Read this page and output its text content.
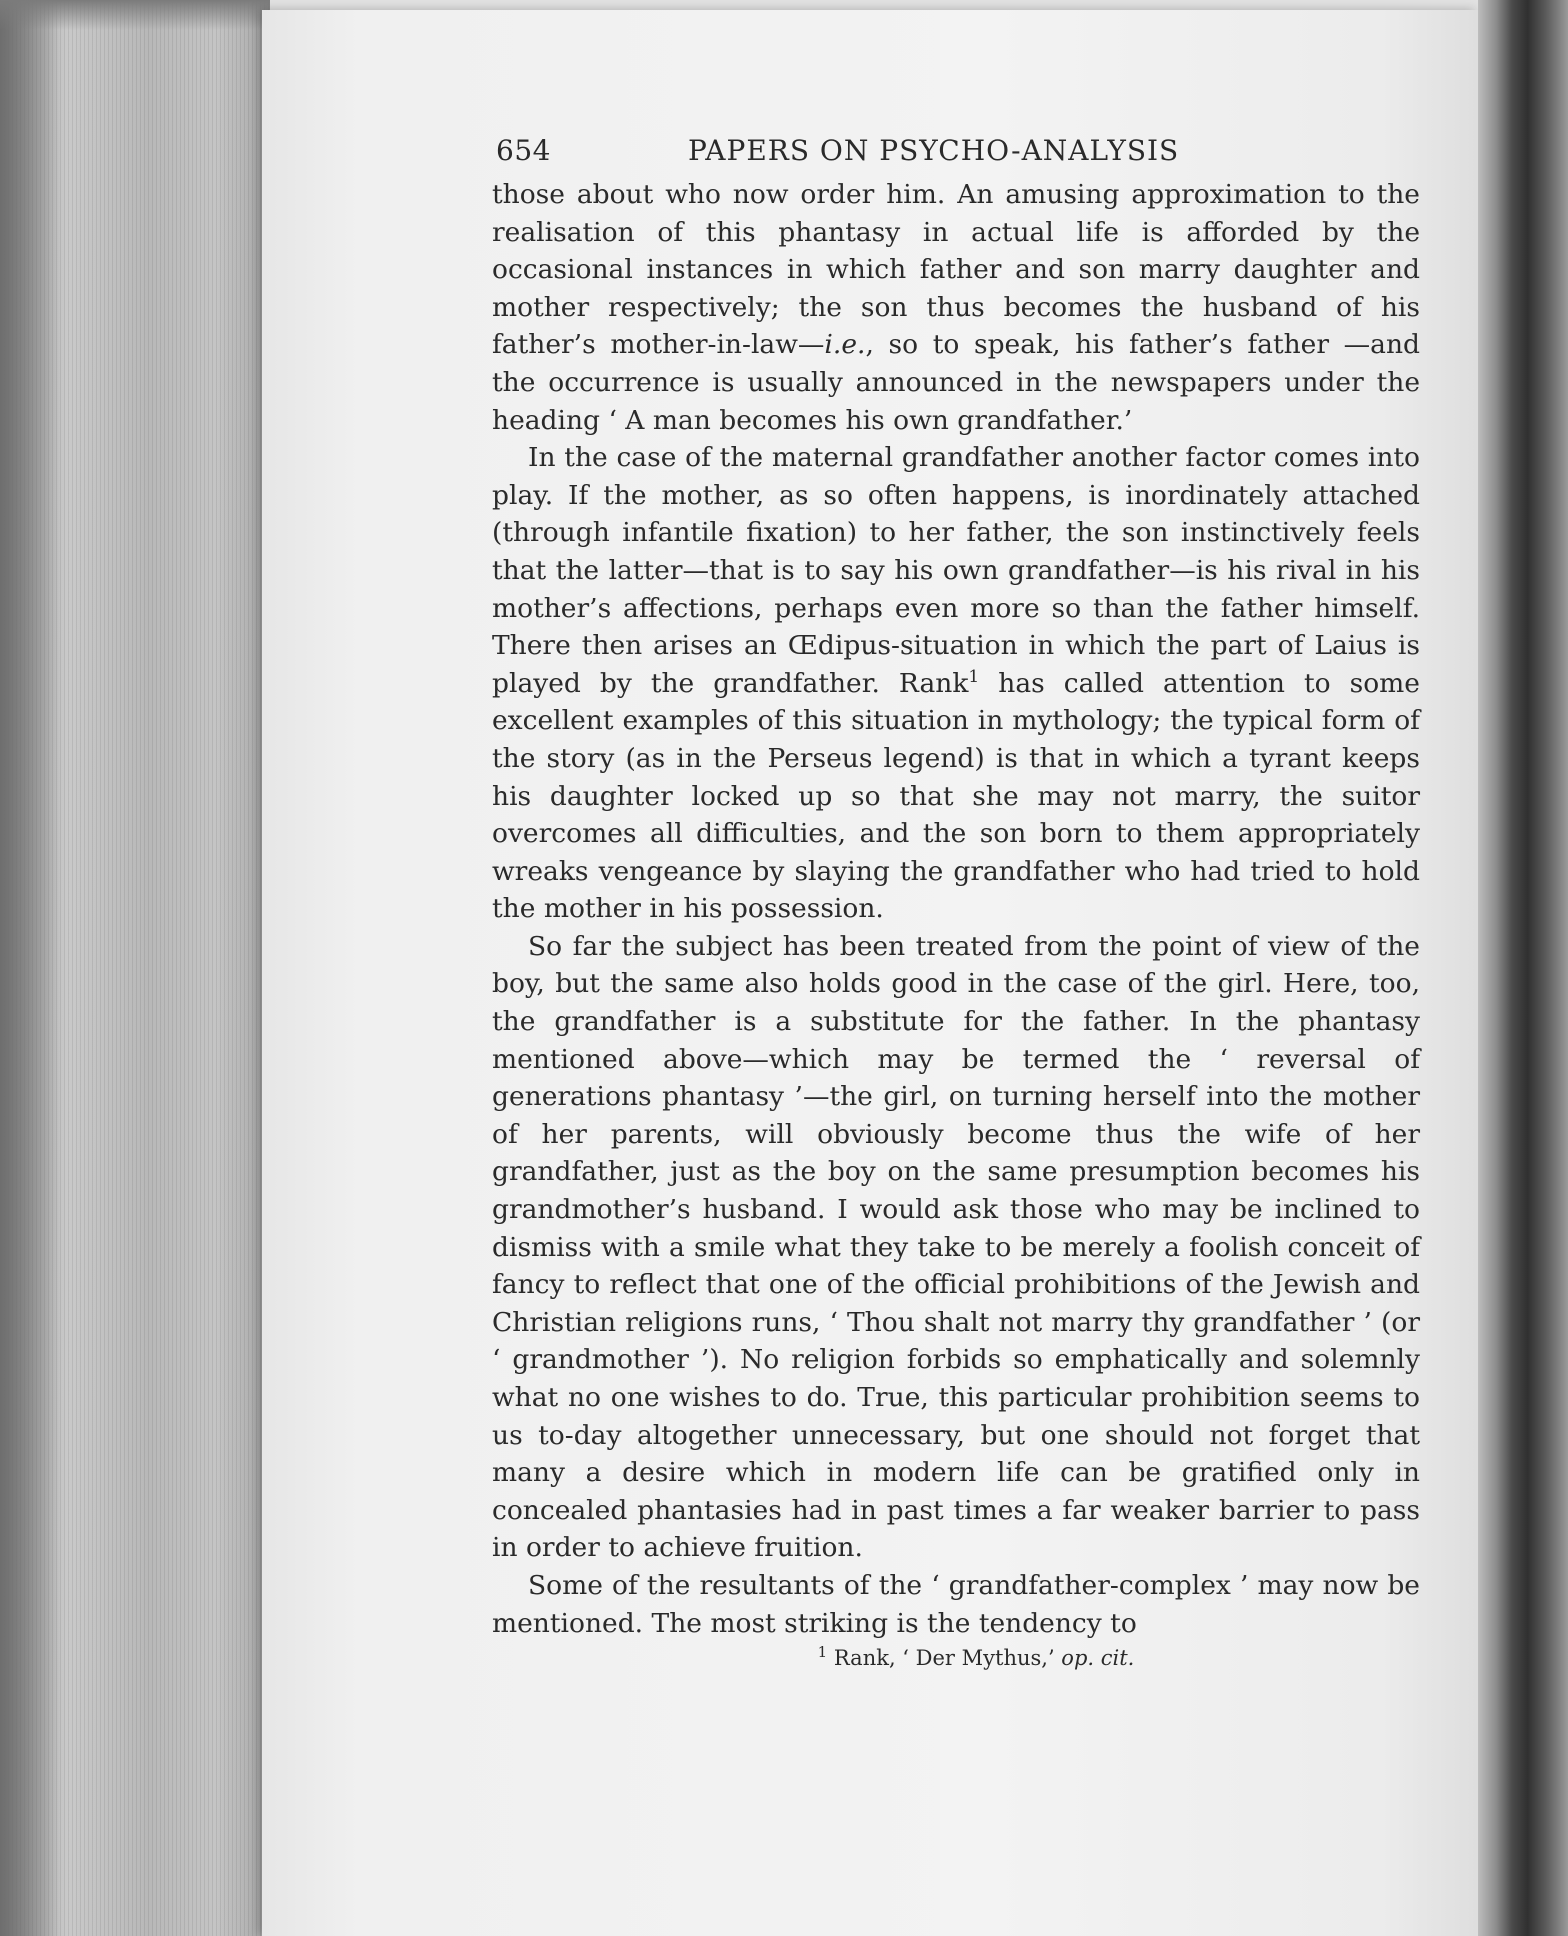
654	PAPERS ON PSYCHO-ANALYSIS

those about who now order him. An amusing approximation to the realisation of this phantasy in actual life is afforded by the occasional instances in which father and son marry daughter and mother respectively; the son thus becomes the husband of his father’s mother-in-law—i.e., so to speak, his father’s father —and the occurrence is usually announced in the newspapers under the heading ‘ A man becomes his own grandfather.’

In the case of the maternal grandfather another factor comes into play. If the mother, as so often happens, is inordinately attached (through infantile fixation) to her father, the son instinctively feels that the latter—that is to say his own grandfather—is his rival in his mother’s affections, perhaps even more so than the father himself. There then arises an Œdipus-situation in which the part of Laius is played by the grandfather. Rank$^1$ has called attention to some excellent examples of this situation in mythology; the typical form of the story (as in the Perseus legend) is that in which a tyrant keeps his daughter locked up so that she may not marry, the suitor overcomes all difficulties, and the son born to them appropriately wreaks vengeance by slaying the grandfather who had tried to hold the mother in his possession.

So far the subject has been treated from the point of view of the boy, but the same also holds good in the case of the girl. Here, too, the grandfather is a substitute for the father. In the phantasy mentioned above—which may be termed the ‘ reversal of generations phantasy ’—the girl, on turning herself into the mother of her parents, will obviously become thus the wife of her grandfather, just as the boy on the same presumption becomes his grandmother’s husband. I would ask those who may be inclined to dismiss with a smile what they take to be merely a foolish conceit of fancy to reflect that one of the official prohibitions of the Jewish and Christian religions runs, ‘ Thou shalt not marry thy grandfather ’ (or ‘ grandmother ’). No religion forbids so emphatically and solemnly what no one wishes to do. True, this particular prohibition seems to us to-day altogether unnecessary, but one should not forget that many a desire which in modern life can be gratified only in concealed phantasies had in past times a far weaker barrier to pass in order to achieve fruition.

Some of the resultants of the ‘ grandfather-complex ’ may now be mentioned. The most striking is the tendency to

$^1$ Rank, ‘ Der Mythus,’ op. cit.
